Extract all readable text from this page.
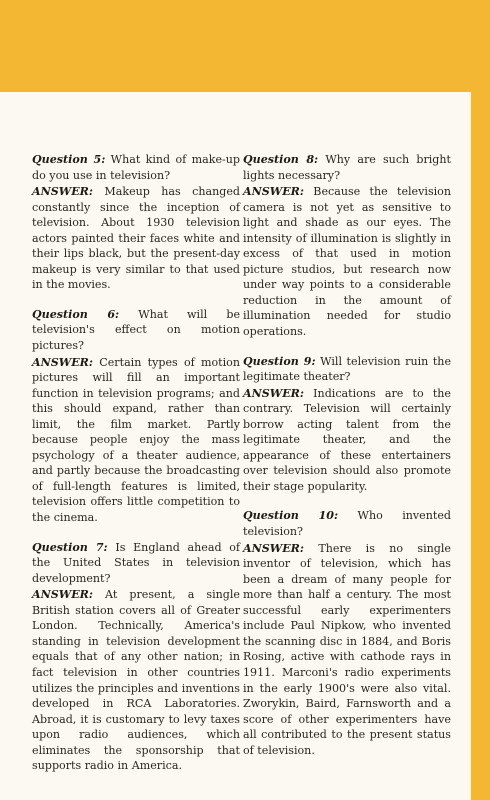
Question 5: What kind of make-up do you use in television?
ANSWER: Makeup has changed constantly since the inception of television. About 1930 television actors painted their faces white and their lips black, but the present-day makeup is very similar to that used in the movies.
Question 6: What will be television's effect on motion pictures?
ANSWER: Certain types of motion pictures will fill an important function in television programs; and this should expand, rather than limit, the film market. Partly because people enjoy the mass psychology of a theater audience, and partly because the broadcasting of full-length features is limited, television offers little competition to the cinema.
Question 7: Is England ahead of the United States in television development?
ANSWER: At present, a single British station covers all of Greater London. Technically, America's standing in television development equals that of any other nation; in fact television in other countries utilizes the principles and inventions developed in RCA Laboratories. Abroad, it is customary to levy taxes upon radio audiences, which eliminates the sponsorship that supports radio in America.
Question 8: Why are such bright lights necessary?
ANSWER: Because the television camera is not yet as sensitive to light and shade as our eyes. The intensity of illumination is slightly in excess of that used in motion picture studios, but research now under way points to a considerable reduction in the amount of illumination needed for studio operations.
Question 9: Will television ruin the legitimate theater?
ANSWER: Indications are to the contrary. Television will certainly borrow acting talent from the legitimate theater, and the appearance of these entertainers over television should also promote their stage popularity.
Question 10: Who invented television?
ANSWER: There is no single inventor of television, which has been a dream of many people for more than half a century. The most successful early experimenters include Paul Nipkow, who invented the scanning disc in 1884, and Boris Rosing, active with cathode rays in 1911. Marconi's radio experiments in the early 1900's were also vital. Zworykin, Baird, Farnsworth and a score of other experimenters have all contributed to the present status of television.
